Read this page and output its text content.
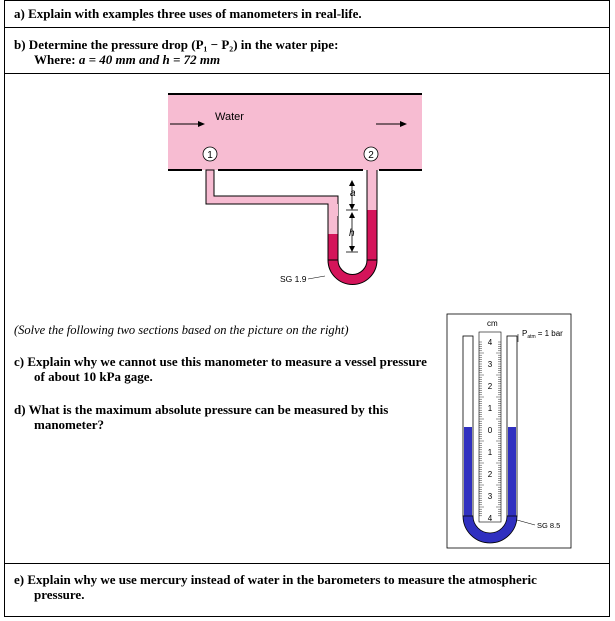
a) Explain with examples three uses of manometers in real-life.
b) Determine the pressure drop (P₁ − P₂) in the water pipe:
Where: a = 40 mm and h = 72 mm
Water
1	2
a
h
SG 1.9
(Solve the following two sections based on the picture on the right)
c) Explain why we cannot use this manometer to measure a vessel pressure
of about 10 kPa gage.
d) What is the maximum absolute pressure can be measured by this
manometer?
cm
4
3
2
1
0
1
2
3
4
$P_{atm} = 1$ bar
SG 8.5
e) Explain why we use mercury instead of water in the barometers to measure the atmospheric
pressure.
